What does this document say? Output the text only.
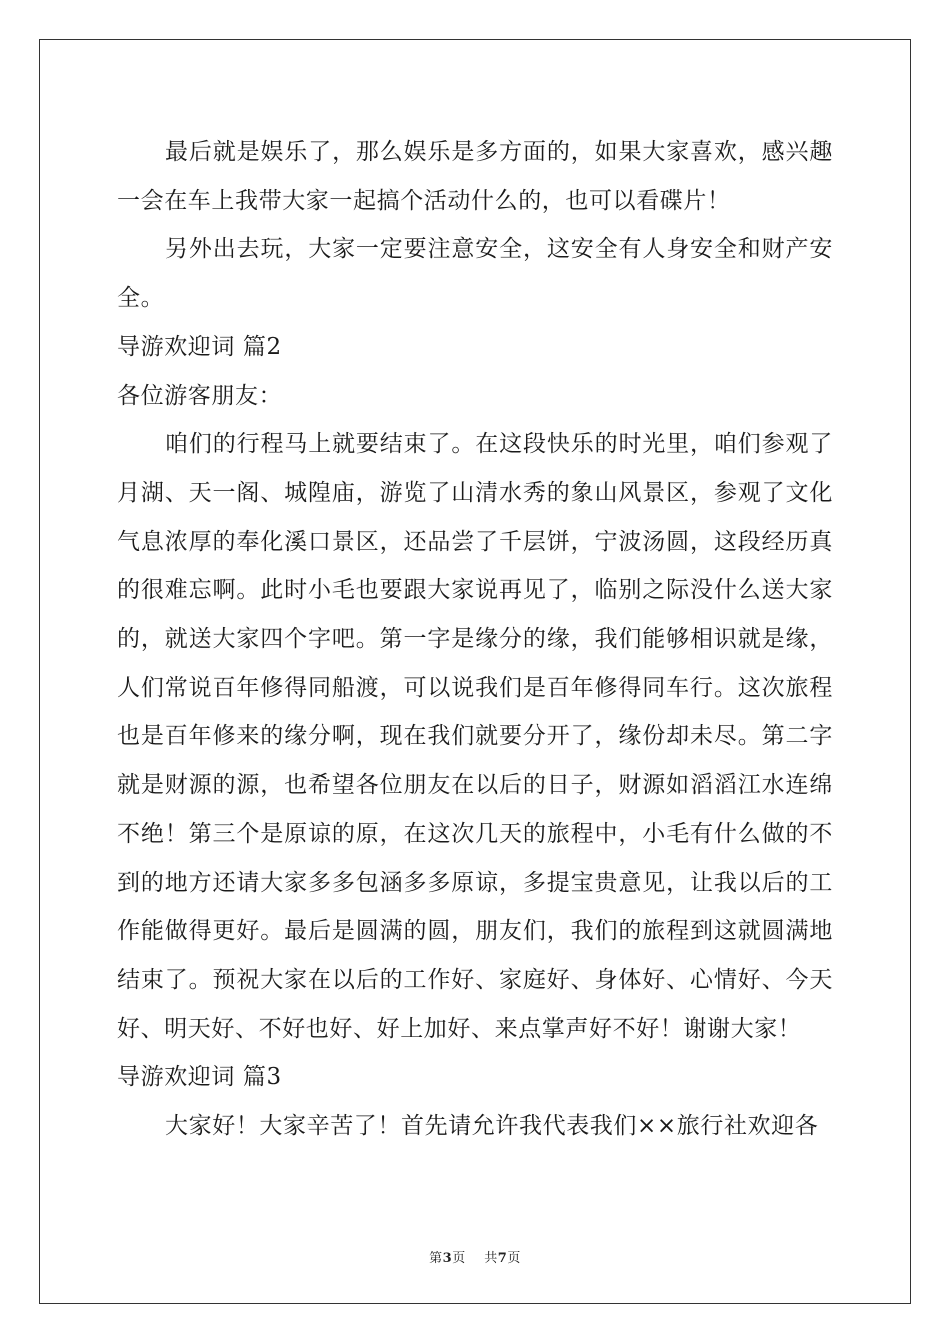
最后就是娱乐了，那么娱乐是多方面的，如果大家喜欢，感兴趣一会在车上我带大家一起搞个活动什么的，也可以看碟片！

另外出去玩，大家一定要注意安全，这安全有人身安全和财产安全。

导游欢迎词 篇2

各位游客朋友：

咱们的行程马上就要结束了。在这段快乐的时光里，咱们参观了月湖、天一阁、城隍庙，游览了山清水秀的象山风景区，参观了文化气息浓厚的奉化溪口景区，还品尝了千层饼，宁波汤圆，这段经历真的很难忘啊。此时小毛也要跟大家说再见了，临别之际没什么送大家的，就送大家四个字吧。第一字是缘分的缘，我们能够相识就是缘，人们常说百年修得同船渡，可以说我们是百年修得同车行。这次旅程也是百年修来的缘分啊，现在我们就要分开了，缘份却未尽。第二字就是财源的源，也希望各位朋友在以后的日子，财源如滔滔江水连绵不绝！第三个是原谅的原，在这次几天的旅程中，小毛有什么做的不到的地方还请大家多多包涵多多原谅，多提宝贵意见，让我以后的工作能做得更好。最后是圆满的圆，朋友们，我们的旅程到这就圆满地结束了。预祝大家在以后的工作好、家庭好、身体好、心情好、今天好、明天好、不好也好、好上加好、来点掌声好不好！谢谢大家！

导游欢迎词 篇3

大家好！大家辛苦了！首先请允许我代表我们××旅行社欢迎各

第3页 共7页
